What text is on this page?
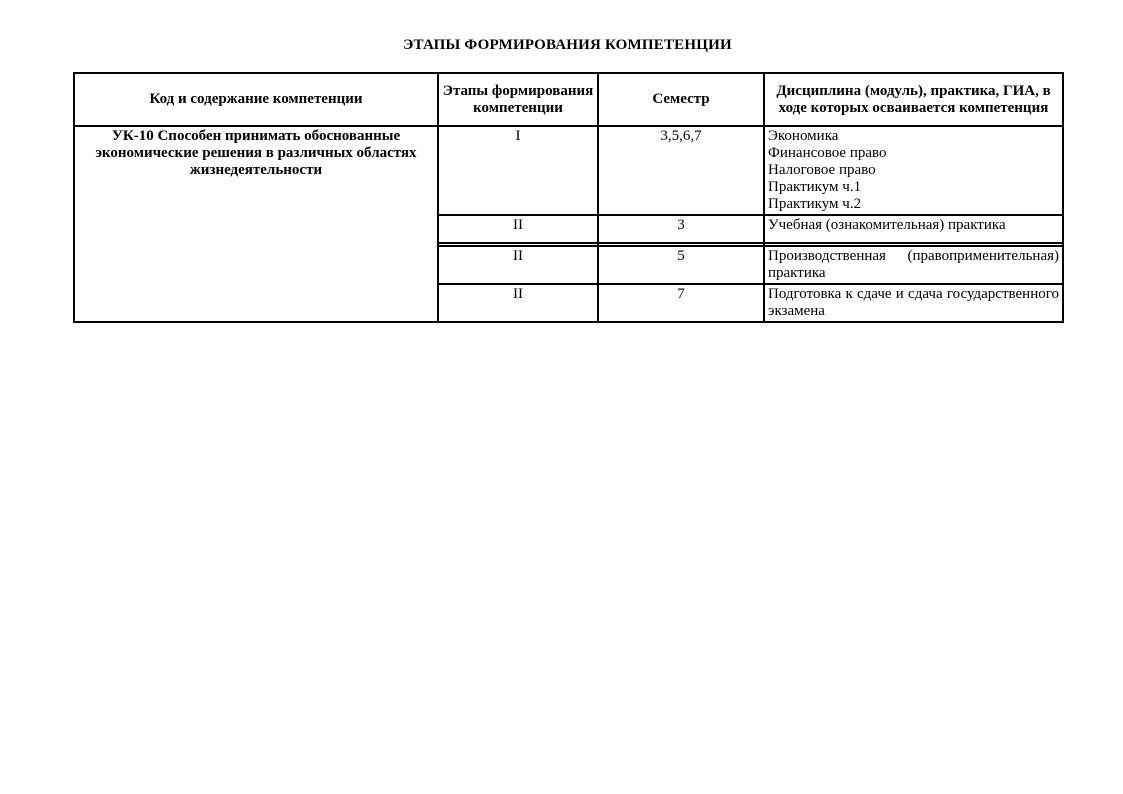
ЭТАПЫ ФОРМИРОВАНИЯ КОМПЕТЕНЦИИ
Код и содержание компетенции	Этапы формирования компетенции	Семестр	Дисциплина (модуль), практика, ГИА, в ходе которых осваивается компетенция
УК-10 Способен принимать обоснованные экономические решения в различных областях жизнедеятельности	I	3,5,6,7	Экономика
Финансовое право
Налоговое право
Практикум ч.1
Практикум ч.2

	II	3	Учебная (ознакомительная) практика

	II	5	Производственная (правоприменительная) практика
	II	7	Подготовка к сдаче и сдача государственного экзамена
